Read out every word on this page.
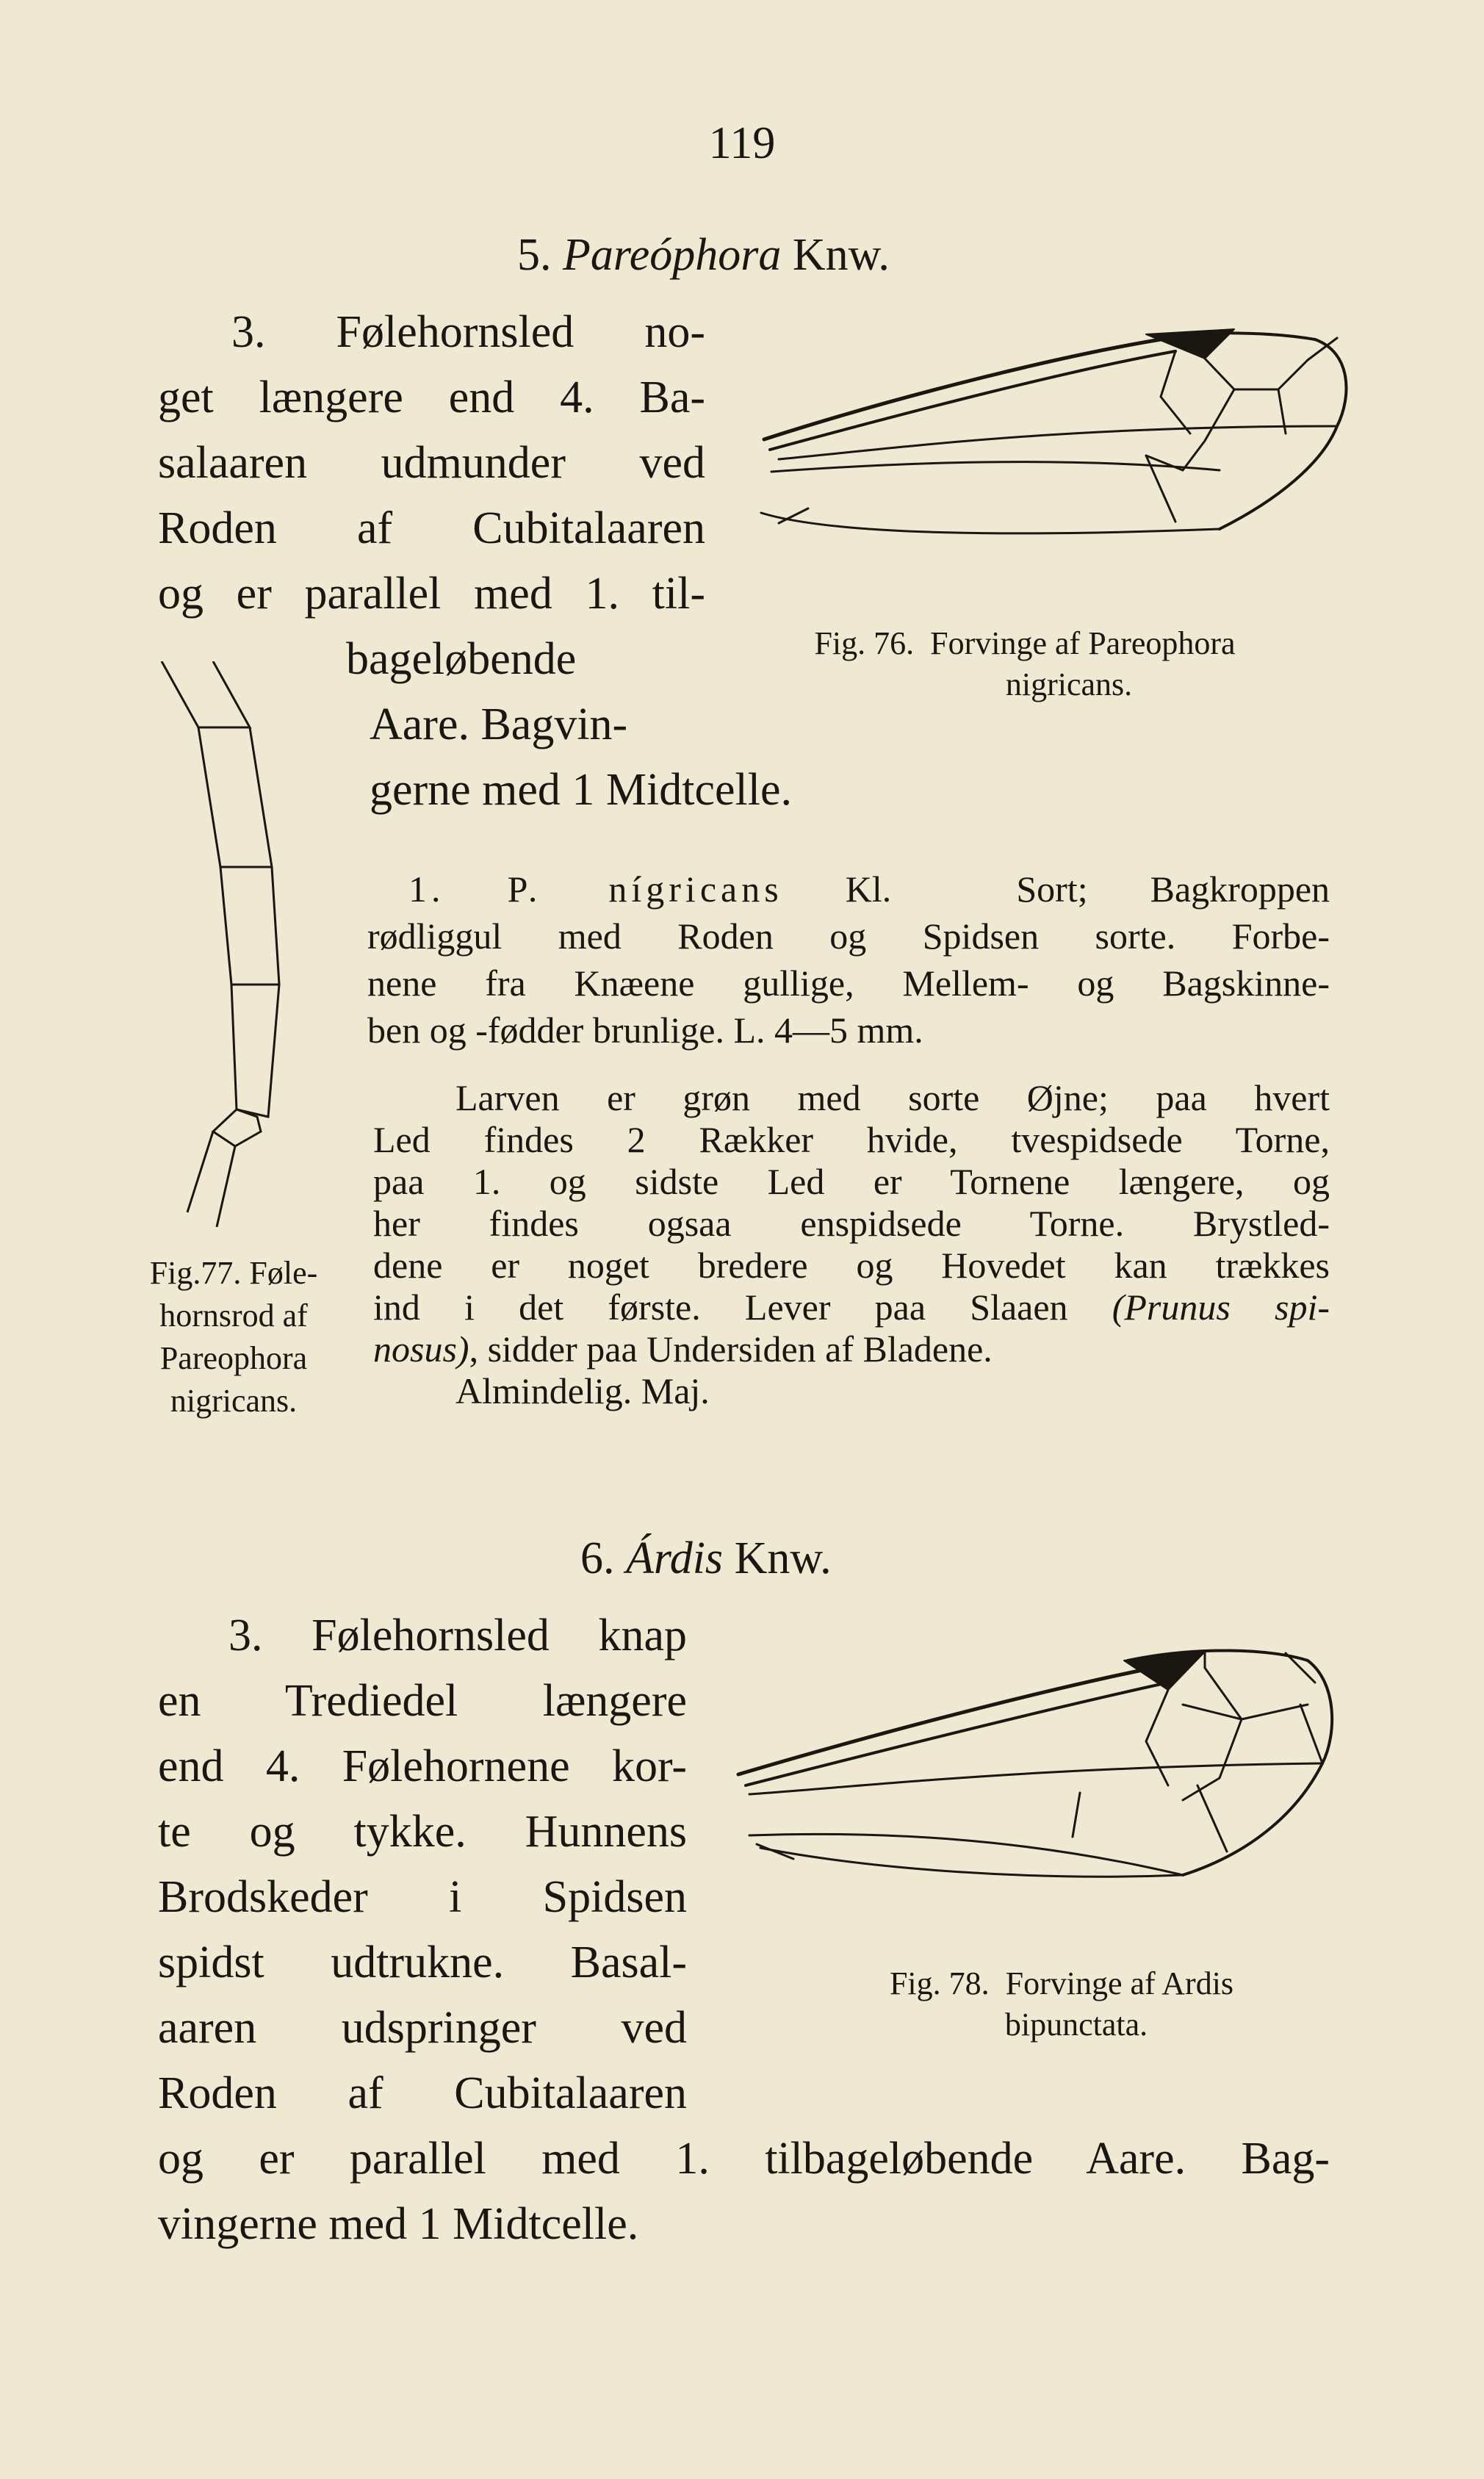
119
5. Pareóphora Knw.
3. Følehornsled no-
get længere end 4. Ba-
salaaren udmunder ved
Roden af Cubitalaaren
og er parallel med 1. til-
bageløbende
Aare. Bagvin-
gerne med 1 Midtcelle.
Fig. 76. Forvinge af Pareophora
nigricans.
Fig.77. Føle-
hornsrod af
Pareophora
nigricans.
1. P. nígricans Kl.	Sort; Bagkroppen
rødliggul med Roden og Spidsen sorte. Forbe-
nene fra Knæene gullige, Mellem- og Bagskinne-
ben og -fødder brunlige. L. 4—5 mm.
Larven er grøn med sorte Øjne; paa hvert
Led findes 2 Rækker hvide, tvespidsede Torne,
paa 1. og sidste Led er Tornene længere, og
her findes ogsaa enspidsede Torne. Brystled-
dene er noget bredere og Hovedet kan trækkes
ind i det første. Lever paa Slaaen (Prunus spi-
nosus), sidder paa Undersiden af Bladene.
Almindelig. Maj.
6. Árdis Knw.
3. Følehornsled knap
en Trediedel længere
end 4. Følehornene kor-
te og tykke. Hunnens
Brodskeder i Spidsen
spidst udtrukne. Basal-
aaren udspringer ved
Roden af Cubitalaaren
og er parallel med 1. tilbageløbende Aare. Bag-
vingerne med 1 Midtcelle.
Fig. 78. Forvinge af Ardis
bipunctata.
